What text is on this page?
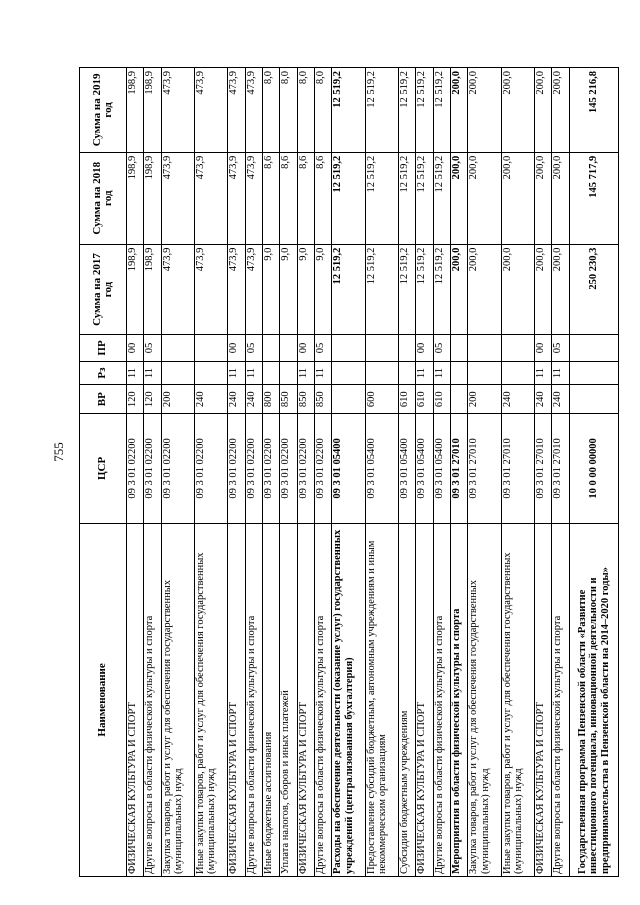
755
Наименование	ЦСР	ВР	Рз	ПР	Сумма на 2017 год	Сумма на 2018 год	Сумма на 2019 год
ФИЗИЧЕСКАЯ КУЛЬТУРА И СПОРТ	09 3 01 02200	120	11	00	198,9	198,9	198,9
Другие вопросы в области физической культуры и спорта	09 3 01 02200	120	11	05	198,9	198,9	198,9
Закупка товаров, работ и услуг для обеспечения государственных (муниципальных) нужд	09 3 01 02200	200			473,9	473,9	473,9
Иные закупки товаров, работ и услуг для обеспечения государственных (муниципальных) нужд	09 3 01 02200	240			473,9	473,9	473,9
ФИЗИЧЕСКАЯ КУЛЬТУРА И СПОРТ	09 3 01 02200	240	11	00	473,9	473,9	473,9
Другие вопросы в области физической культуры и спорта	09 3 01 02200	240	11	05	473,9	473,9	473,9
Иные бюджетные ассигнования	09 3 01 02200	800			9,0	8,6	8,0
Уплата налогов, сборов и иных платежей	09 3 01 02200	850			9,0	8,6	8,0
ФИЗИЧЕСКАЯ КУЛЬТУРА И СПОРТ	09 3 01 02200	850	11	00	9,0	8,6	8,0
Другие вопросы в области физической культуры и спорта	09 3 01 02200	850	11	05	9,0	8,6	8,0
Расходы на обеспечение деятельности (оказание услуг) государственных учреждений (централизованная бухгалтерия)	09 3 01 05400				12 519,2	12 519,2	12 519,2
Предоставление субсидий бюджетным, автономным учреждениям и иным некоммерческим организациям	09 3 01 05400	600			12 519,2	12 519,2	12 519,2
Субсидии бюджетным учреждениям	09 3 01 05400	610			12 519,2	12 519,2	12 519,2
ФИЗИЧЕСКАЯ КУЛЬТУРА И СПОРТ	09 3 01 05400	610	11	00	12 519,2	12 519,2	12 519,2
Другие вопросы в области физической культуры и спорта	09 3 01 05400	610	11	05	12 519,2	12 519,2	12 519,2
Мероприятия в области физической культуры и спорта	09 3 01 27010				200,0	200,0	200,0
Закупка товаров, работ и услуг для обеспечения государственных (муниципальных) нужд	09 3 01 27010	200			200,0	200,0	200,0
Иные закупки товаров, работ и услуг для обеспечения государственных (муниципальных) нужд	09 3 01 27010	240			200,0	200,0	200,0
ФИЗИЧЕСКАЯ КУЛЬТУРА И СПОРТ	09 3 01 27010	240	11	00	200,0	200,0	200,0
Другие вопросы в области физической культуры и спорта	09 3 01 27010	240	11	05	200,0	200,0	200,0
Государственная программа Пензенской области «Развитие инвестиционного потенциала, инновационной деятельности и предпринимательства в Пензенской области на 2014–2020 годы»	10 0 00 00000				250 230,3	145 717,9	145 216,8
